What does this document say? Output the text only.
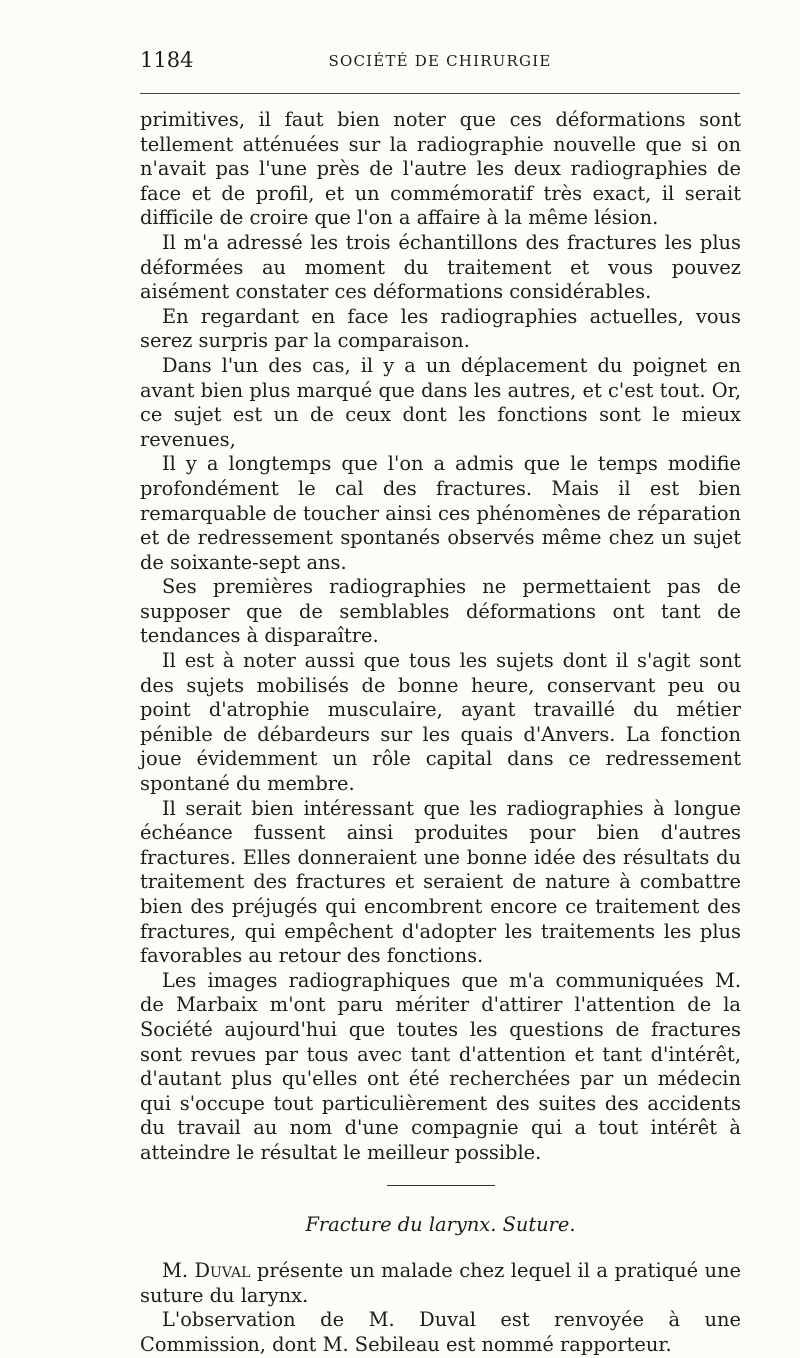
1184	SOCIÉTÉ DE CHIRURGIE

primitives, il faut bien noter que ces déformations sont tellement atténuées sur la radiographie nouvelle que si on n'avait pas l'une près de l'autre les deux radiographies de face et de profil, et un commémoratif très exact, il serait difficile de croire que l'on a affaire à la même lésion.

Il m'a adressé les trois échantillons des fractures les plus déformées au moment du traitement et vous pouvez aisément constater ces déformations considérables.

En regardant en face les radiographies actuelles, vous serez surpris par la comparaison.

Dans l'un des cas, il y a un déplacement du poignet en avant bien plus marqué que dans les autres, et c'est tout. Or, ce sujet est un de ceux dont les fonctions sont le mieux revenues,

Il y a longtemps que l'on a admis que le temps modifie profondément le cal des fractures. Mais il est bien remarquable de toucher ainsi ces phénomènes de réparation et de redressement spontanés observés même chez un sujet de soixante-sept ans.

Ses premières radiographies ne permettaient pas de supposer que de semblables déformations ont tant de tendances à disparaître.

Il est à noter aussi que tous les sujets dont il s'agit sont des sujets mobilisés de bonne heure, conservant peu ou point d'atrophie musculaire, ayant travaillé du métier pénible de débardeurs sur les quais d'Anvers. La fonction joue évidemment un rôle capital dans ce redressement spontané du membre.

Il serait bien intéressant que les radiographies à longue échéance fussent ainsi produites pour bien d'autres fractures. Elles donneraient une bonne idée des résultats du traitement des fractures et seraient de nature à combattre bien des préjugés qui encombrent encore ce traitement des fractures, qui empêchent d'adopter les traitements les plus favorables au retour des fonctions.

Les images radiographiques que m'a communiquées M. de Marbaix m'ont paru mériter d'attirer l'attention de la Société aujourd'hui que toutes les questions de fractures sont revues par tous avec tant d'attention et tant d'intérêt, d'autant plus qu'elles ont été recherchées par un médecin qui s'occupe tout particulièrement des suites des accidents du travail au nom d'une compagnie qui a tout intérêt à atteindre le résultat le meilleur possible.

Fracture du larynx. Suture.

M. Duval présente un malade chez lequel il a pratiqué une suture du larynx.

L'observation de M. Duval est renvoyée à une Commission, dont M. Sebileau est nommé rapporteur.
